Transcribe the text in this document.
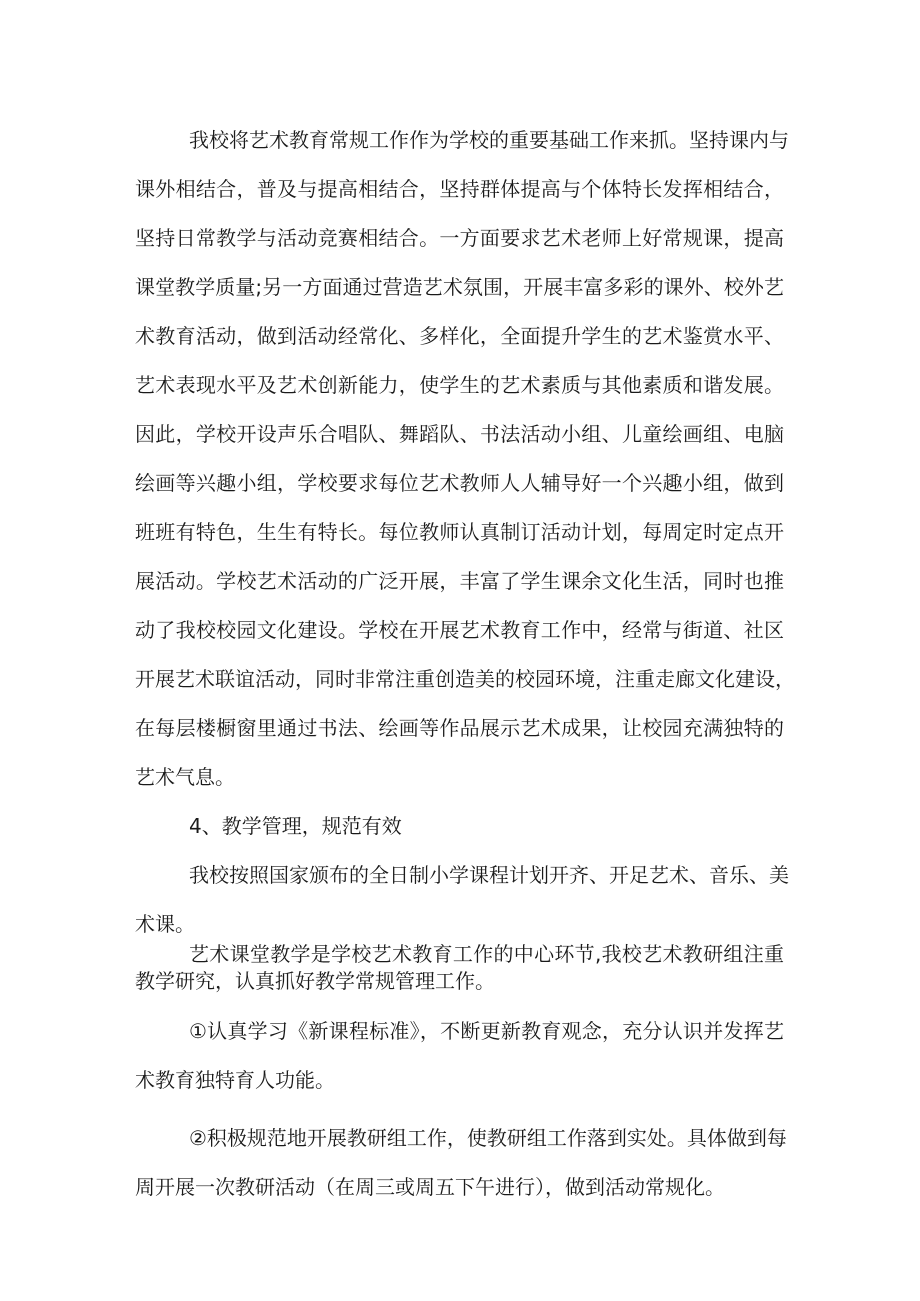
我校将艺术教育常规工作作为学校的重要基础工作来抓。坚持课内与
课外相结合，普及与提高相结合，坚持群体提高与个体特长发挥相结合，
坚持日常教学与活动竞赛相结合。一方面要求艺术老师上好常规课，提高
课堂教学质量;另一方面通过营造艺术氛围，开展丰富多彩的课外、校外艺
术教育活动，做到活动经常化、多样化，全面提升学生的艺术鉴赏水平、
艺术表现水平及艺术创新能力，使学生的艺术素质与其他素质和谐发展。
因此，学校开设声乐合唱队、舞蹈队、书法活动小组、儿童绘画组、电脑
绘画等兴趣小组，学校要求每位艺术教师人人辅导好一个兴趣小组，做到
班班有特色，生生有特长。每位教师认真制订活动计划，每周定时定点开
展活动。学校艺术活动的广泛开展，丰富了学生课余文化生活，同时也推
动了我校校园文化建设。学校在开展艺术教育工作中，经常与街道、社区
开展艺术联谊活动，同时非常注重创造美的校园环境，注重走廊文化建设，
在每层楼橱窗里通过书法、绘画等作品展示艺术成果，让校园充满独特的
艺术气息。
4、教学管理，规范有效
我校按照国家颁布的全日制小学课程计划开齐、开足艺术、音乐、美
术课。
艺术课堂教学是学校艺术教育工作的中心环节,我校艺术教研组注重
教学研究，认真抓好教学常规管理工作。
①认真学习《新课程标准》，不断更新教育观念，充分认识并发挥艺
术教育独特育人功能。
②积极规范地开展教研组工作，使教研组工作落到实处。具体做到每
周开展一次教研活动（在周三或周五下午进行），做到活动常规化。
